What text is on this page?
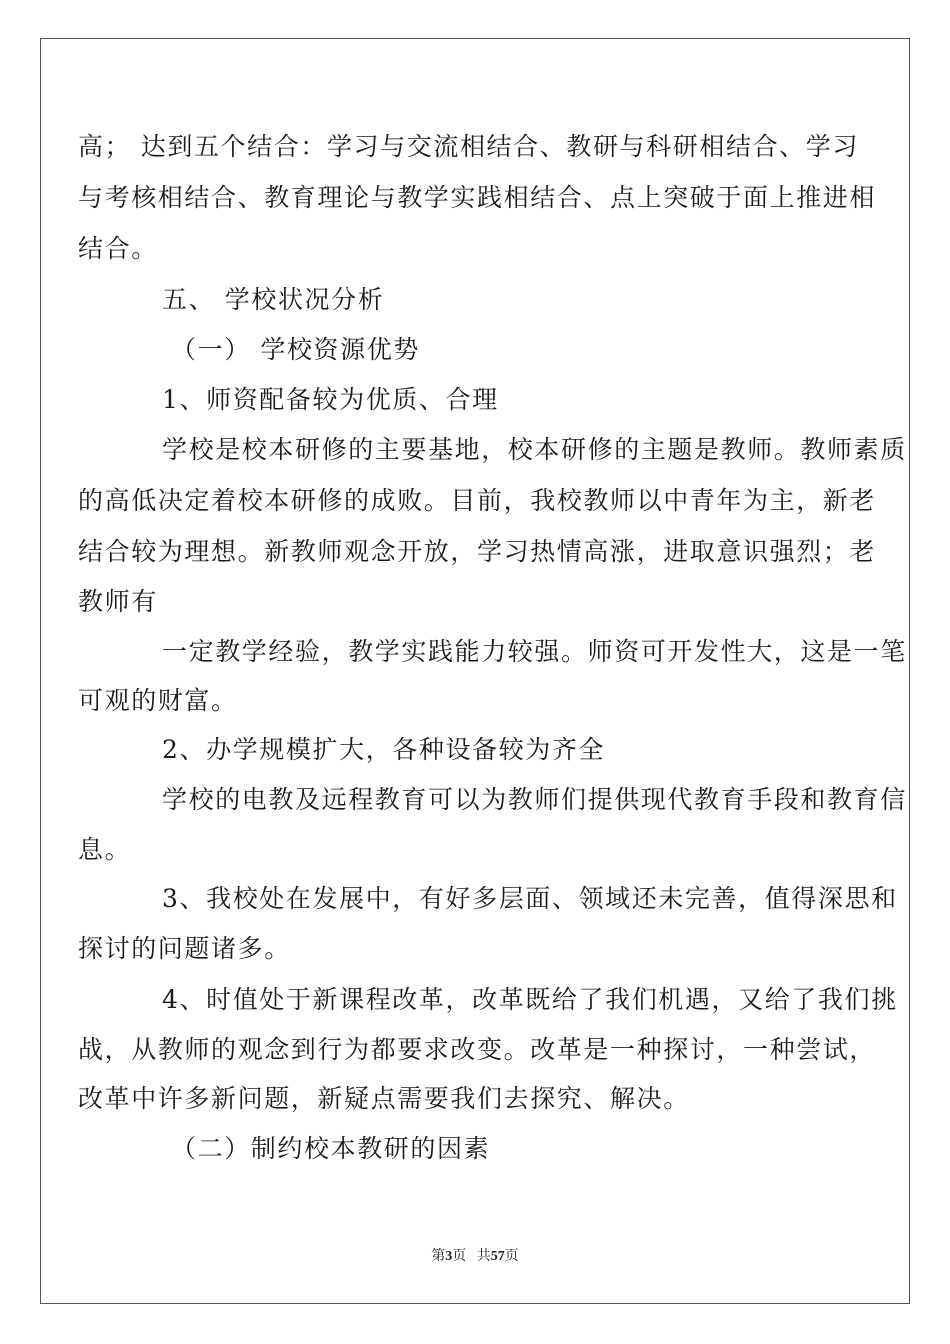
高； 达到五个结合：学习与交流相结合、教研与科研相结合、学习
与考核相结合、教育理论与教学实践相结合、点上突破于面上推进相
结合。
五、 学校状况分析
（一） 学校资源优势
1、师资配备较为优质、合理
学校是校本研修的主要基地，校本研修的主题是教师。教师素质
的高低决定着校本研修的成败。目前，我校教师以中青年为主，新老
结合较为理想。新教师观念开放，学习热情高涨，进取意识强烈；老
教师有
一定教学经验，教学实践能力较强。师资可开发性大，这是一笔
可观的财富。
2、办学规模扩大，各种设备较为齐全
学校的电教及远程教育可以为教师们提供现代教育手段和教育信
息。
3、我校处在发展中，有好多层面、领域还未完善，值得深思和
探讨的问题诸多。
4、时值处于新课程改革，改革既给了我们机遇，又给了我们挑
战，从教师的观念到行为都要求改变。改革是一种探讨，一种尝试，
改革中许多新问题，新疑点需要我们去探究、解决。
（二）制约校本教研的因素
第3页 共57页
